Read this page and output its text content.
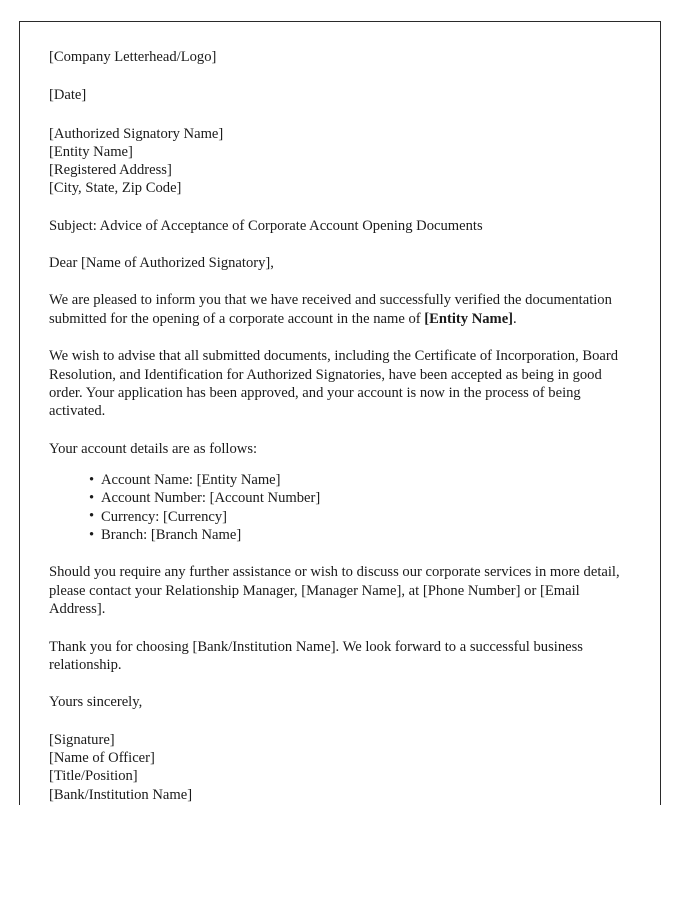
[Company Letterhead/Logo]
[Date]
[Authorized Signatory Name]
[Entity Name]
[Registered Address]
[City, State, Zip Code]
Subject: Advice of Acceptance of Corporate Account Opening Documents
Dear [Name of Authorized Signatory],
We are pleased to inform you that we have received and successfully verified the documentation submitted for the opening of a corporate account in the name of [Entity Name].
We wish to advise that all submitted documents, including the Certificate of Incorporation, Board Resolution, and Identification for Authorized Signatories, have been accepted as being in good order. Your application has been approved, and your account is now in the process of being activated.
Your account details are as follows:
• Account Name: [Entity Name]
• Account Number: [Account Number]
• Currency: [Currency]
• Branch: [Branch Name]
Should you require any further assistance or wish to discuss our corporate services in more detail, please contact your Relationship Manager, [Manager Name], at [Phone Number] or [Email Address].
Thank you for choosing [Bank/Institution Name]. We look forward to a successful business relationship.
Yours sincerely,
[Signature]
[Name of Officer]
[Title/Position]
[Bank/Institution Name]
